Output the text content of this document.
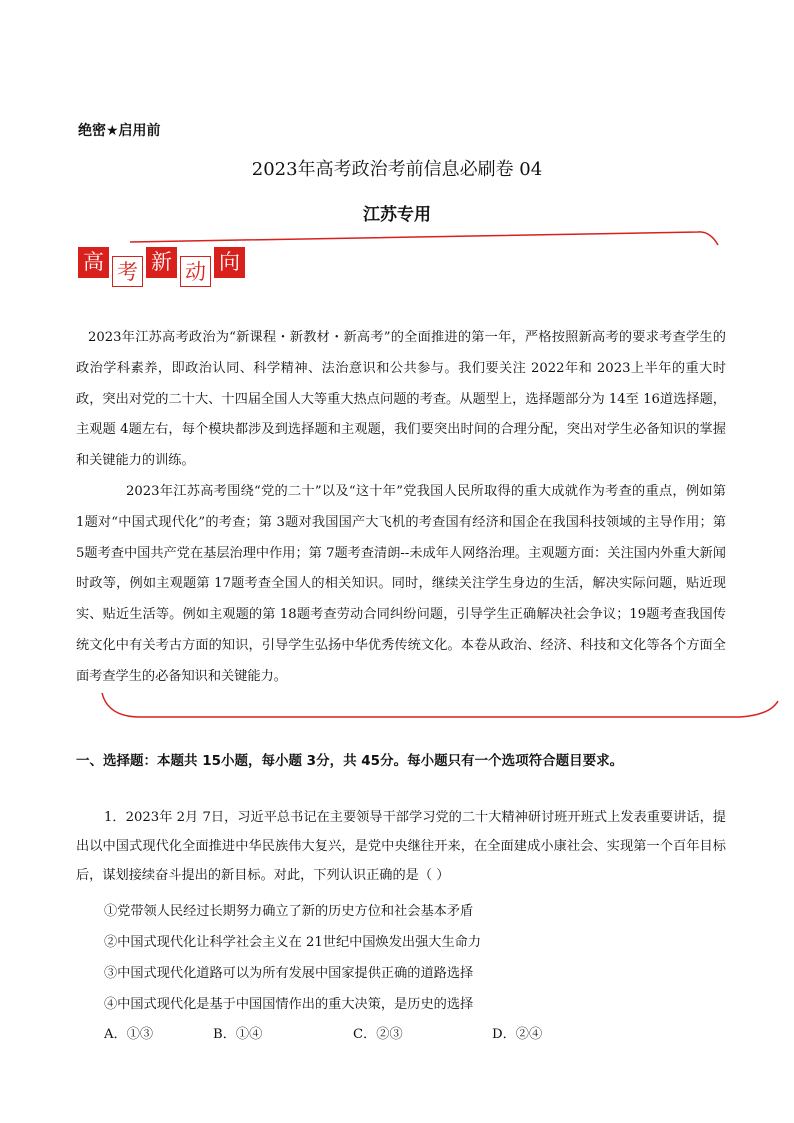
绝密★启用前
2023年高考政治考前信息必刷卷 04
江苏专用
高 考 新 动 向

2023年江苏高考政治为“新课程・新教材・新高考”的全面推进的第一年，严格按照新高考的要求考查学生的政治学科素养，即政治认同、科学精神、法治意识和公共参与。我们要关注 2022年和 2023上半年的重大时政，突出对党的二十大、十四届全国人大等重大热点问题的考查。从题型上，选择题部分为 14至 16道选择题，主观题 4题左右，每个模块都涉及到选择题和主观题，我们要突出时间的合理分配，突出对学生必备知识的掌握和关键能力的训练。

2023年江苏高考围绕“党的二十”以及“这十年”党我国人民所取得的重大成就作为考查的重点，例如第 1题对“中国式现代化”的考查；第 3题对我国国产大飞机的考查国有经济和国企在我国科技领域的主导作用；第 5题考查中国共产党在基层治理中作用；第 7题考查清朗--未成年人网络治理。主观题方面：关注国内外重大新闻时政等，例如主观题第 17题考查全国人的相关知识。同时，继续关注学生身边的生活，解决实际问题，贴近现实、贴近生活等。例如主观题的第 18题考查劳动合同纠纷问题，引导学生正确解决社会争议；19题考查我国传统文化中有关考古方面的知识，引导学生弘扬中华优秀传统文化。本卷从政治、经济、科技和文化等各个方面全面考查学生的必备知识和关键能力。

一、选择题：本题共 15小题，每小题 3分，共 45分。每小题只有一个选项符合题目要求。
1．2023年 2月 7日，习近平总书记在主要领导干部学习党的二十大精神研讨班开班式上发表重要讲话，提出以中国式现代化全面推进中华民族伟大复兴，是党中央继往开来，在全面建成小康社会、实现第一个百年目标后，谋划接续奋斗提出的新目标。对此，下列认识正确的是（ ）
①党带领人民经过长期努力确立了新的历史方位和社会基本矛盾
②中国式现代化让科学社会主义在 21世纪中国焕发出强大生命力
③中国式现代化道路可以为所有发展中国家提供正确的道路选择
④中国式现代化是基于中国国情作出的重大决策，是历史的选择
A．①③	B．①④	C．②③	D．②④
